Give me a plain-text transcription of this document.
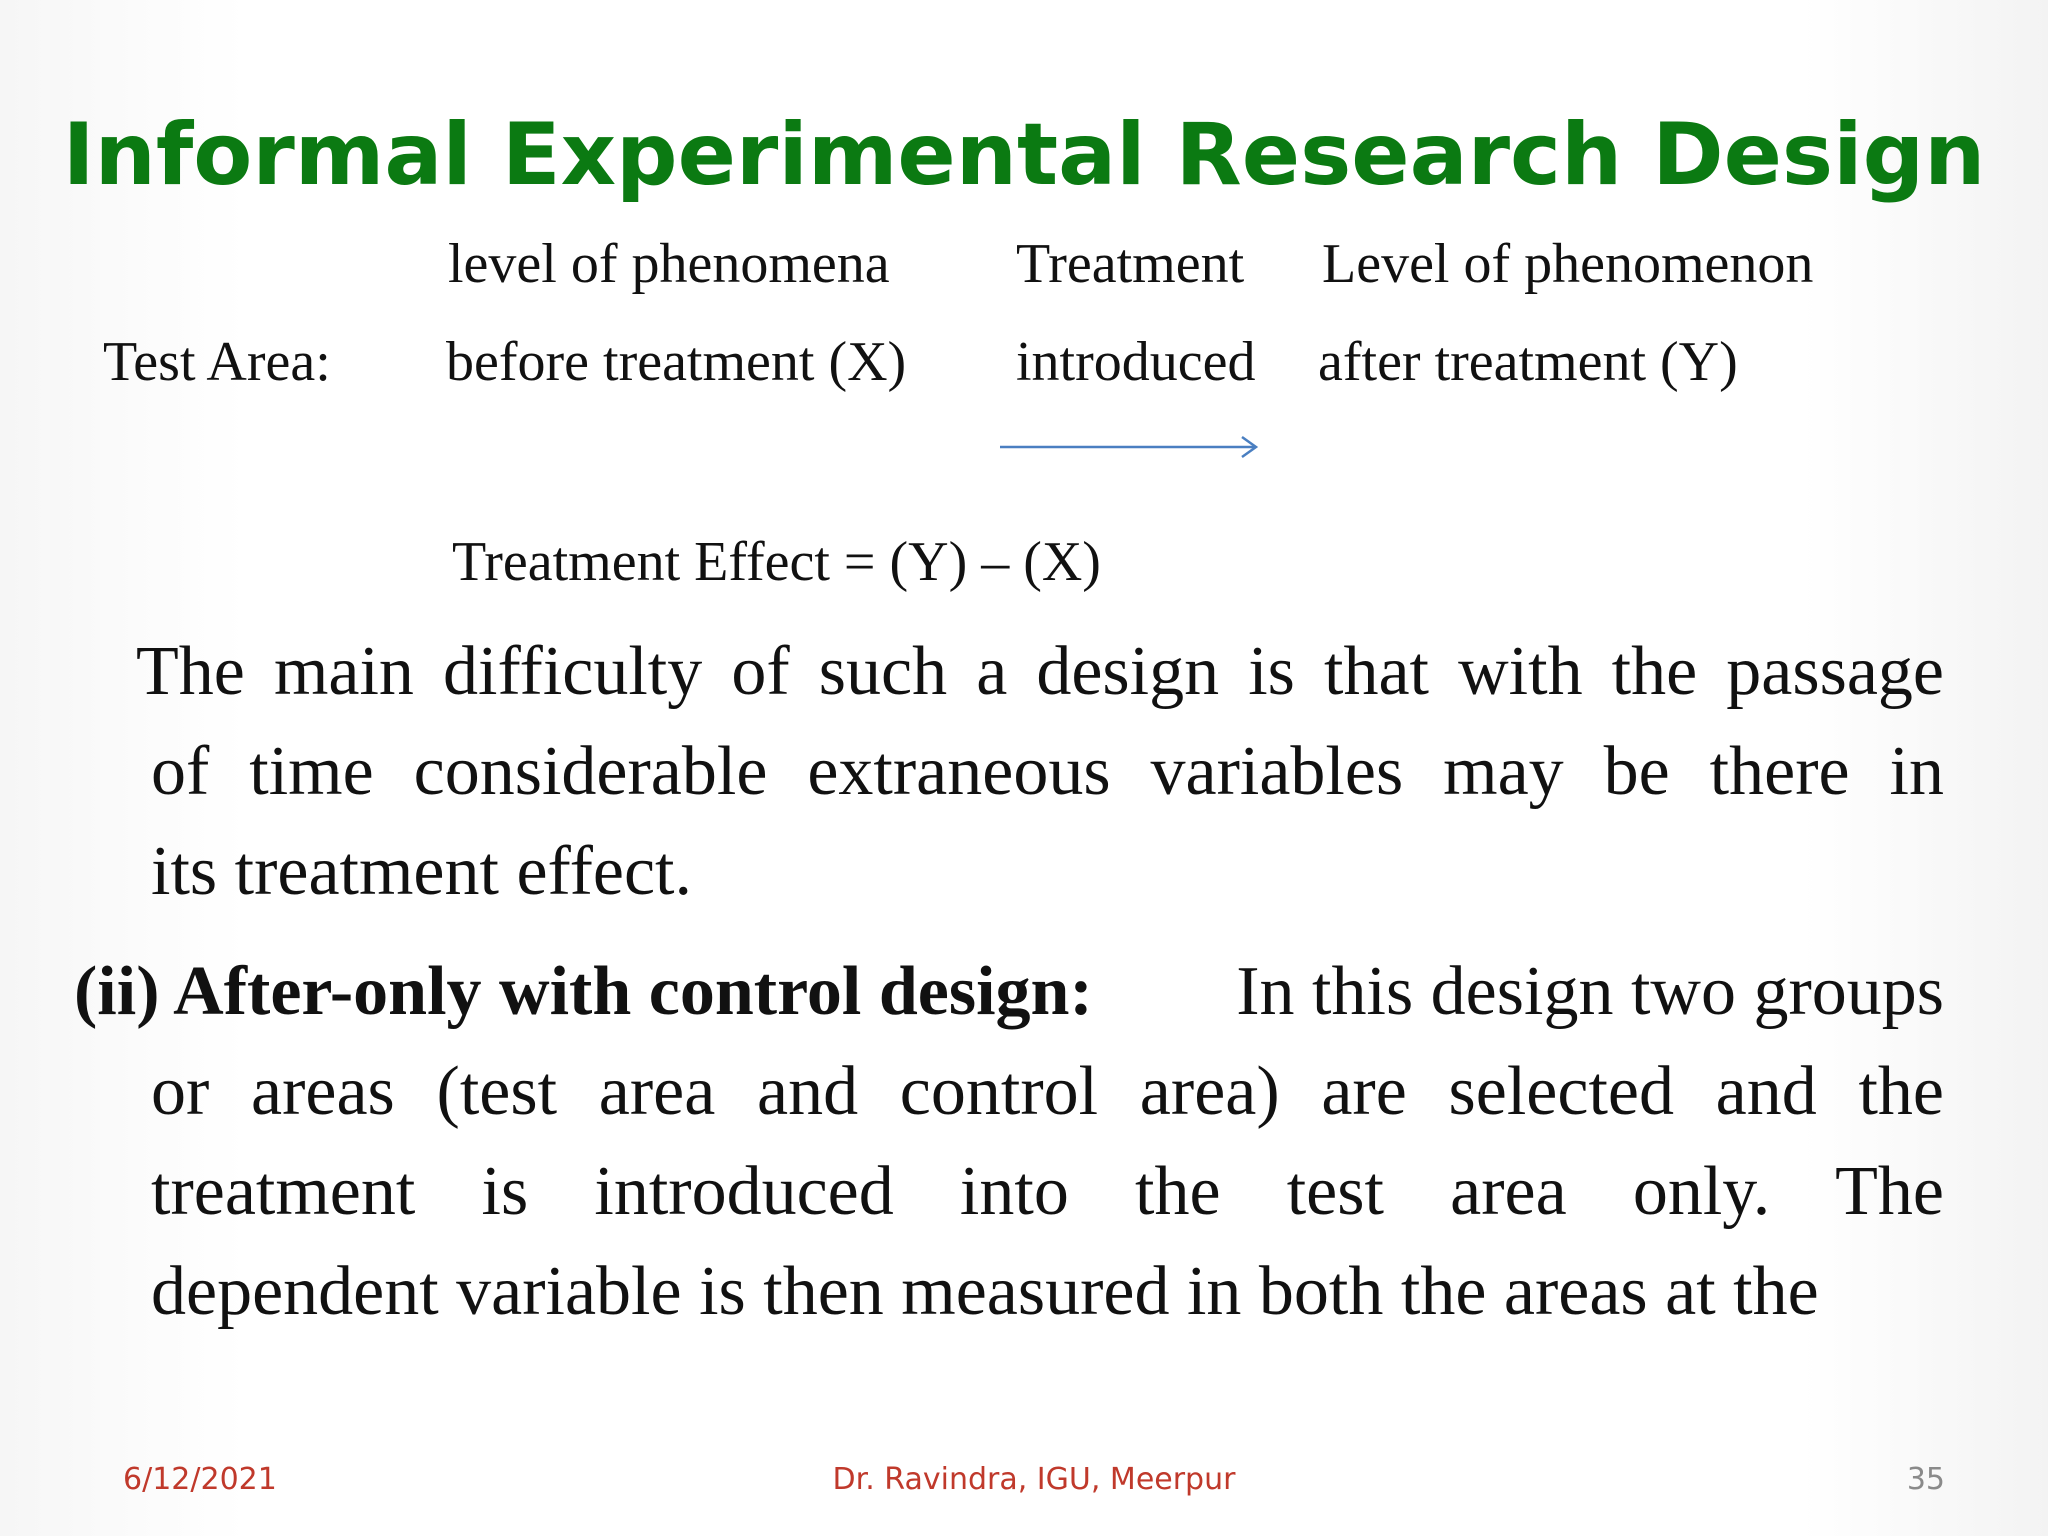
Informal Experimental Research Design
level of phenomena Treatment Level of phenomenon
Test Area: before treatment (X) introduced after treatment (Y)
Treatment Effect = (Y) – (X)
The main difficulty of such a design is that with the passage
of time considerable extraneous variables may be there in
its treatment effect.
(ii) After-only with control design: In this design two groups
or areas (test area and control area) are selected and the
treatment is introduced into the test area only. The
dependent variable is then measured in both the areas at the
6/12/2021	Dr. Ravindra, IGU, Meerpur	35
